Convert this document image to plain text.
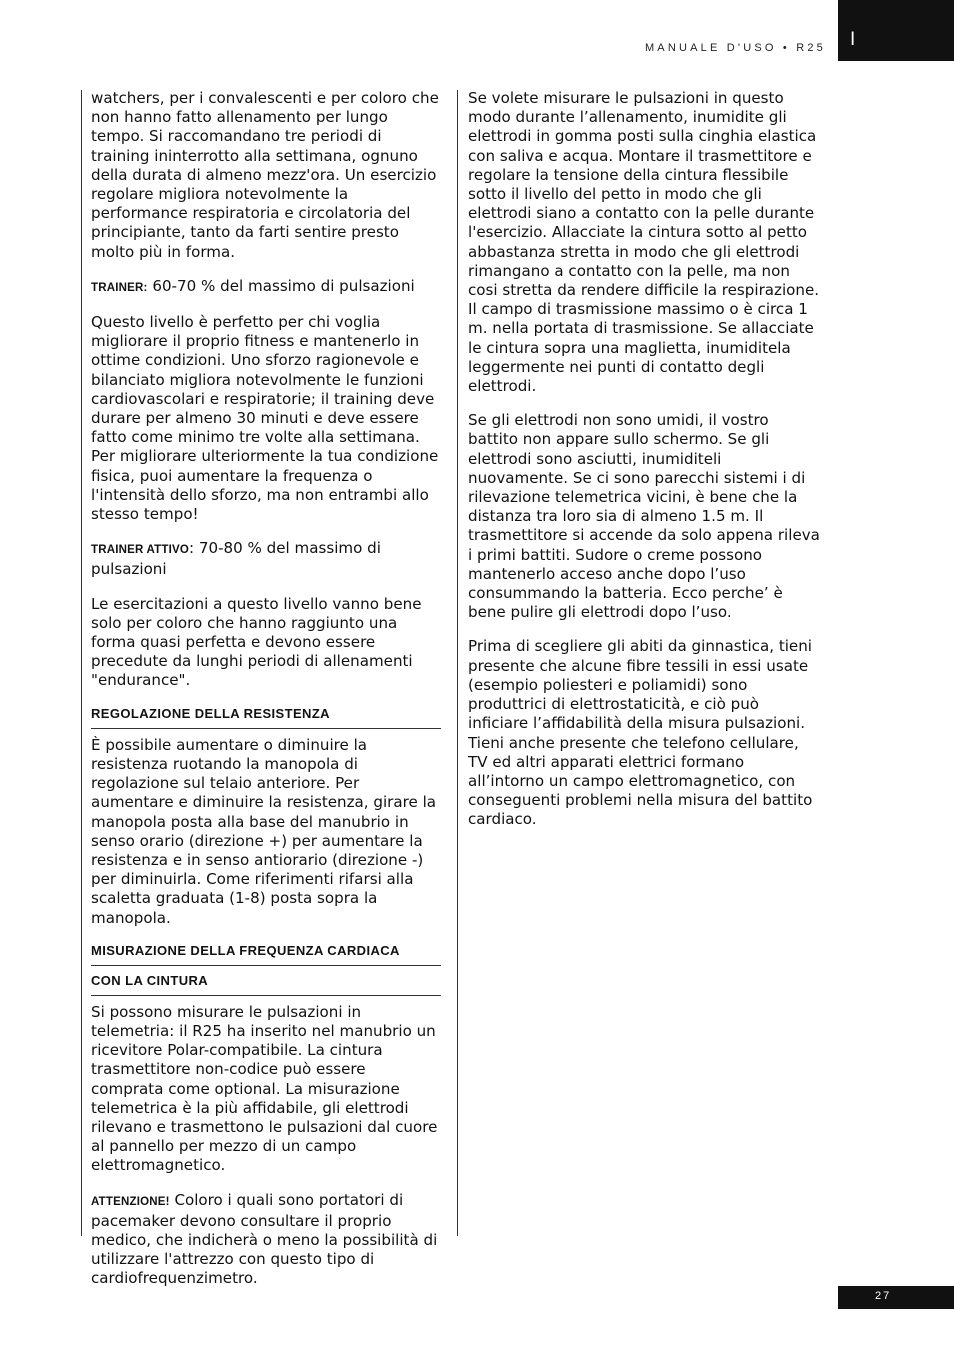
MANUALE D'USO • R25 I

watchers, per i convalescenti e per coloro che non hanno fatto allenamento per lungo tempo. Si raccomandano tre periodi di training ininterrotto alla settimana, ognuno della durata di almeno mezz'ora. Un esercizio regolare migliora notevolmente la performance respiratoria e circolatoria del principiante, tanto da farti sentire presto molto più in forma.

TRAINER: 60-70 % del massimo di pulsazioni

Questo livello è perfetto per chi voglia migliorare il proprio fitness e mantenerlo in ottime condizioni. Uno sforzo ragionevole e bilanciato migliora notevolmente le funzioni cardiovascolari e respiratorie; il training deve durare per almeno 30 minuti e deve essere fatto come minimo tre volte alla settimana. Per migliorare ulteriormente la tua condizione fisica, puoi aumentare la frequenza o l'intensità dello sforzo, ma non entrambi allo stesso tempo!

TRAINER ATTIVO: 70-80 % del massimo di pulsazioni

Le esercitazioni a questo livello vanno bene solo per coloro che hanno raggiunto una forma quasi perfetta e devono essere precedute da lunghi periodi di allenamenti "endurance".

REGOLAZIONE DELLA RESISTENZA

È possibile aumentare o diminuire la resistenza ruotando la manopola di regolazione sul telaio anteriore. Per aumentare e diminuire la resistenza, girare la manopola posta alla base del manubrio in senso orario (direzione +) per aumentare la resistenza e in senso antiorario (direzione -) per diminuirla. Come riferimenti rifarsi alla scaletta graduata (1-8) posta sopra la manopola.

MISURAZIONE DELLA FREQUENZA CARDIACA
CON LA CINTURA

Si possono misurare le pulsazioni in telemetria: il R25 ha inserito nel manubrio un ricevitore Polar-compatibile. La cintura trasmettitore non-codice può essere comprata come optional. La misurazione telemetrica è la più affidabile, gli elettrodi rilevano e trasmettono le pulsazioni dal cuore al pannello per mezzo di un campo elettromagnetico.

ATTENZIONE! Coloro i quali sono portatori di pacemaker devono consultare il proprio medico, che indicherà o meno la possibilità di utilizzare l'attrezzo con questo tipo di cardiofrequenzimetro.

Se volete misurare le pulsazioni in questo modo durante l’allenamento, inumidite gli elettrodi in gomma posti sulla cinghia elastica con saliva e acqua. Montare il trasmettitore e regolare la tensione della cintura flessibile sotto il livello del petto in modo che gli elettrodi siano a contatto con la pelle durante l'esercizio. Allacciate la cintura sotto al petto abbastanza stretta in modo che gli elettrodi rimangano a contatto con la pelle, ma non cosi stretta da rendere difficile la respirazione. Il campo di trasmissione massimo o è circa 1 m. nella portata di trasmissione. Se allacciate le cintura sopra una maglietta, inumiditela leggermente nei punti di contatto degli elettrodi.

Se gli elettrodi non sono umidi, il vostro battito non appare sullo schermo. Se gli elettrodi sono asciutti, inumiditeli nuovamente. Se ci sono parecchi sistemi i di rilevazione telemetrica vicini, è bene che la distanza tra loro sia di almeno 1.5 m. Il trasmettitore si accende da solo appena rileva i primi battiti. Sudore o creme possono mantenerlo acceso anche dopo l’uso consummando la batteria. Ecco perche’ è bene pulire gli elettrodi dopo l’uso.

Prima di scegliere gli abiti da ginnastica, tieni presente che alcune fibre tessili in essi usate (esempio poliesteri e poliamidi) sono produttrici di elettrostaticità, e ciò può inficiare l’affidabilità della misura pulsazioni. Tieni anche presente che telefono cellulare, TV ed altri apparati elettrici formano all’intorno un campo elettromagnetico, con conseguenti problemi nella misura del battito cardiaco.

27
